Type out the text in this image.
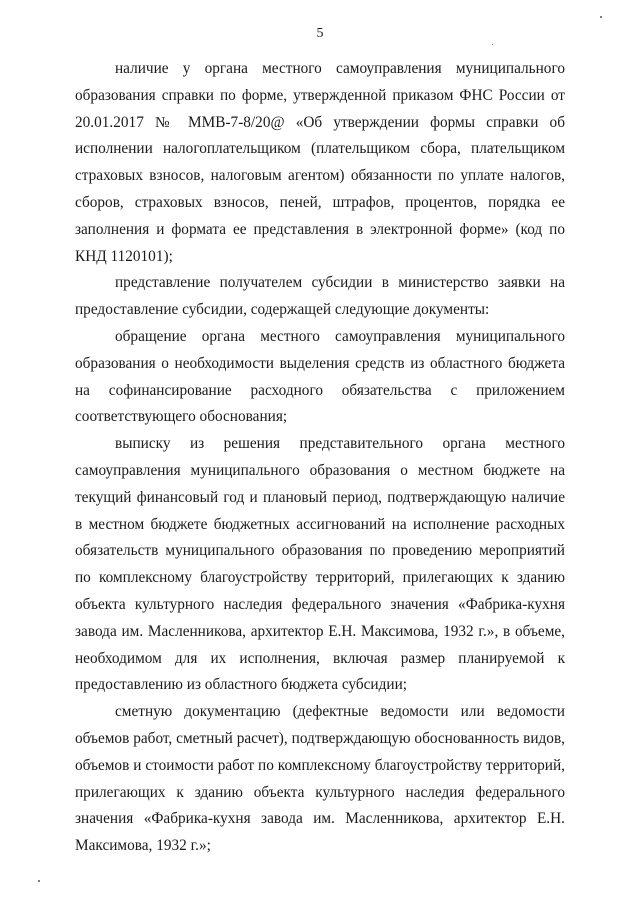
5

наличие у органа местного самоуправления муниципального образования справки по форме, утвержденной приказом ФНС России от 20.01.2017 № ММВ-7-8/20@ «Об утверждении формы справки об исполнении налогоплательщиком (плательщиком сбора, плательщиком страховых взносов, налоговым агентом) обязанности по уплате налогов, сборов, страховых взносов, пеней, штрафов, процентов, порядка ее заполнения и формата ее представления в электронной форме» (код по КНД 1120101);

представление получателем субсидии в министерство заявки на предоставление субсидии, содержащей следующие документы:

обращение органа местного самоуправления муниципального образования о необходимости выделения средств из областного бюджета на софинансирование расходного обязательства с приложением соответствующего обоснования;

выписку из решения представительного органа местного самоуправления муниципального образования о местном бюджете на текущий финансовый год и плановый период, подтверждающую наличие в местном бюджете бюджетных ассигнований на исполнение расходных обязательств муниципального образования по проведению мероприятий по комплексному благоустройству территорий, прилегающих к зданию объекта культурного наследия федерального значения «Фабрика-кухня завода им. Масленникова, архитектор Е.Н. Максимова, 1932 г.», в объеме, необходимом для их исполнения, включая размер планируемой к предоставлению из областного бюджета субсидии;

сметную документацию (дефектные ведомости или ведомости объемов работ, сметный расчет), подтверждающую обоснованность видов, объемов и стоимости работ по комплексному благоустройству территорий, прилегающих к зданию объекта культурного наследия федерального значения «Фабрика-кухня завода им. Масленникова, архитектор Е.Н. Максимова, 1932 г.»;
